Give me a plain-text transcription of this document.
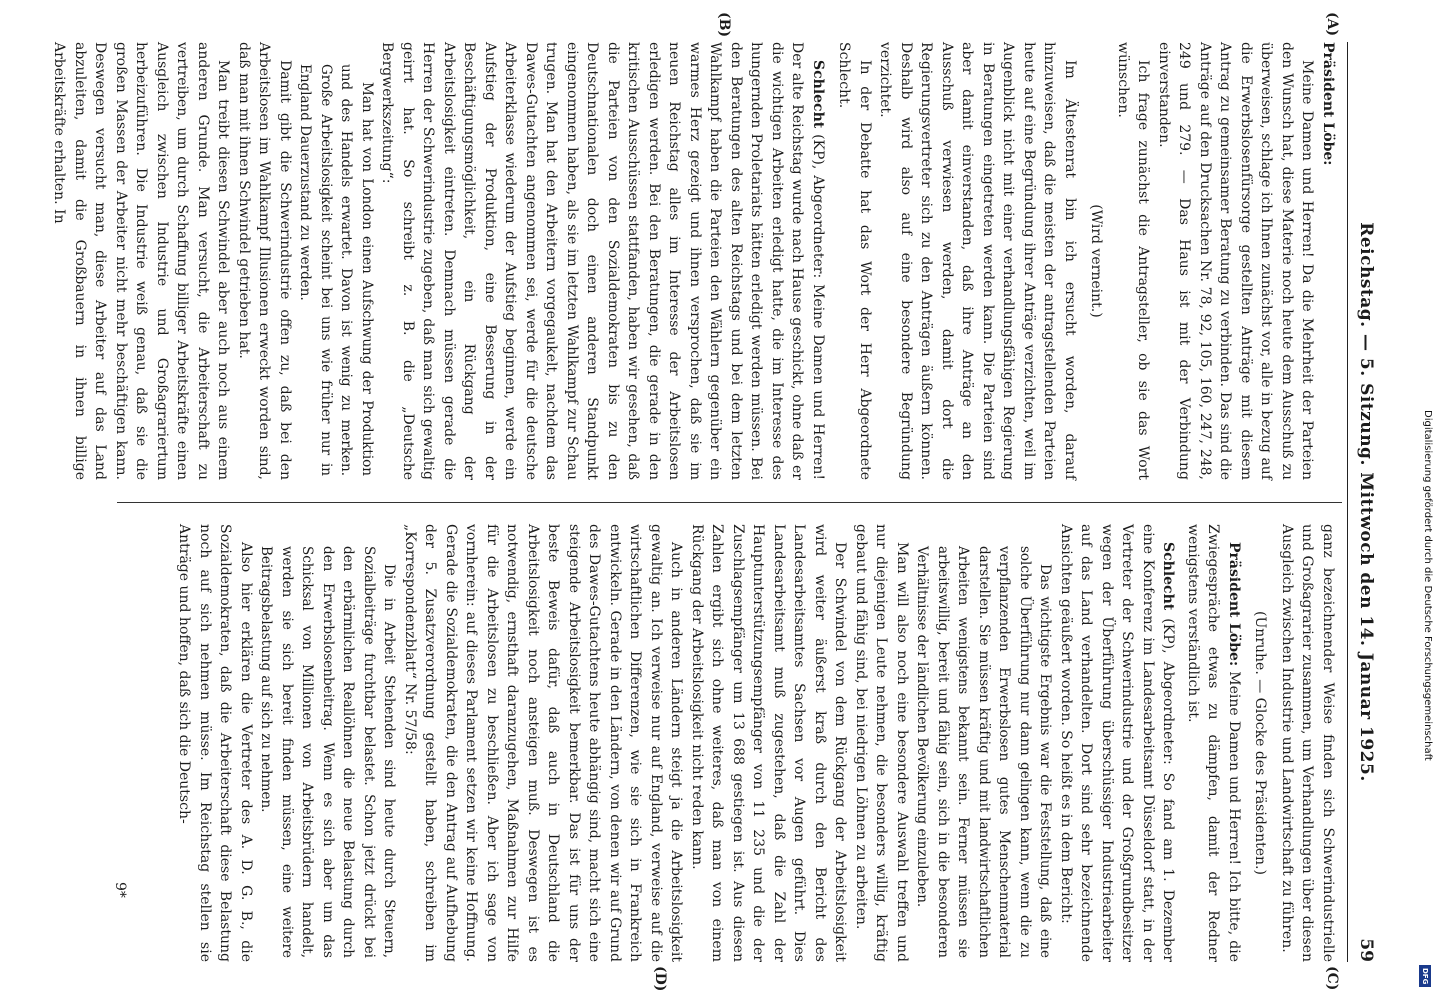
Reichstag. — 5. Sitzung. Mittwoch den 14. Januar 1925.
59
(A)
(B)
(C)
(D)

Präsident Löbe:

Meine Damen und Herren! Da die Mehrheit der Parteien den Wunsch hat, diese Materie noch heute dem Ausschuß zu überweisen, schlage ich Ihnen zunächst vor, alle in bezug auf die Erwerbslosenfürsorge gestellten Anträge mit diesem Antrag zu gemeinsamer Beratung zu verbinden. Das sind die Anträge auf den Drucksachen Nr. 78, 92, 105, 160, 247, 248, 249 und 279. — Das Haus ist mit der Verbindung einverstanden.

Ich frage zunächst die Antragsteller, ob sie das Wort wünschen.

(Wird verneint.)

Im Ältestenrat bin ich ersucht worden, darauf hinzuweisen, daß die meisten der antragstellenden Parteien heute auf eine Begründung ihrer Anträge verzichten, weil im Augenblick nicht mit einer verhandlungsfähigen Regierung in Beratungen eingetreten werden kann. Die Parteien sind aber damit einverstanden, daß ihre Anträge an den Ausschuß verwiesen werden, damit dort die Regierungsvertreter sich zu den Anträgen äußern können. Deshalb wird also auf eine besondere Begründung verzichtet.

In der Debatte hat das Wort der Herr Abgeordnete Schlecht.

Schlecht (KP), Abgeordneter: Meine Damen und Herren! Der alte Reichstag wurde nach Hause geschickt, ohne daß er die wichtigen Arbeiten erledigt hatte, die im Interesse des hungernden Proletariats hätten erledigt werden müssen. Bei den Beratungen des alten Reichstags und bei dem letzten Wahlkampf haben die Parteien den Wählern gegenüber ein warmes Herz gezeigt und ihnen versprochen, daß sie im neuen Reichstag alles im Interesse der Arbeitslosen erledigen werden. Bei den Beratungen, die gerade in den kritischen Ausschüssen stattfanden, haben wir gesehen, daß die Parteien von den Sozialdemokraten bis zu den Deutschnationalen doch einen anderen Standpunkt eingenommen haben, als sie im letzten Wahlkampf zur Schau trugen. Man hat den Arbeitern vorgegaukelt, nachdem das Dawes-Gutachten angenommen sei, werde für die deutsche Arbeiterklasse wiederum der Aufstieg beginnen, werde ein Aufstieg der Produktion, eine Besserung in der Beschäftigungsmöglichkeit, ein Rückgang der Arbeitslosigkeit eintreten. Demnach müssen gerade die Herren der Schwerindustrie zugeben, daß man sich gewaltig geirrt hat. So schreibt z. B. die „Deutsche Bergwerkszeitung“:

Man hat von London einen Aufschwung der Produktion und des Handels erwartet. Davon ist wenig zu merken. Große Arbeitslosigkeit scheint bei uns wie früher nur in England Dauerzustand zu werden.

Damit gibt die Schwerindustrie offen zu, daß bei den Arbeitslosen im Wahlkampf Illusionen erweckt worden sind, daß man mit ihnen Schwindel getrieben hat.

Man treibt diesen Schwindel aber auch noch aus einem anderen Grunde. Man versucht, die Arbeiterschaft zu vertreiben, um durch Schaffung billiger Arbeitskräfte einen Ausgleich zwischen Industrie und Großagrariertum herbeizuführen. Die Industrie weiß genau, daß sie die großen Massen der Arbeiter nicht mehr beschäftigen kann. Deswegen versucht man, diese Arbeiter auf das Land abzuleiten, damit die Großbauern in ihnen billige Arbeitskräfte erhalten. In

ganz bezeichnender Weise finden sich Schwerindustrielle und Großagrarier zusammen, um Verhandlungen über diesen Ausgleich zwischen Industrie und Landwirtschaft zu führen.

(Unruhe. — Glocke des Präsidenten.)

Präsident Löbe: Meine Damen und Herren! Ich bitte, die Zwiegespräche etwas zu dämpfen, damit der Redner wenigstens verständlich ist.

Schlecht (KP), Abgeordneter: So fand am 1. Dezember eine Konferenz im Landesarbeitsamt Düsseldorf statt, in der Vertreter der Schwerindustrie und der Großgrundbesitzer wegen der Überführung überschüssiger Industriearbeiter auf das Land verhandelten. Dort sind sehr bezeichnende Ansichten geäußert worden. So heißt es in dem Bericht:

Das wichtigste Ergebnis war die Feststellung, daß eine solche Überführung nur dann gelingen kann, wenn die zu verpflanzenden Erwerbslosen gutes Menschenmaterial darstellen. Sie müssen kräftig und mit landwirtschaftlichen Arbeiten wenigstens bekannt sein. Ferner müssen sie arbeitswillig, bereit und fähig sein, sich in die besonderen Verhältnisse der ländlichen Bevölkerung einzuleben.

Man will also noch eine besondere Auswahl treffen und nur diejenigen Leute nehmen, die besonders willig, kräftig gebaut und fähig sind, bei niedrigen Löhnen zu arbeiten.

Der Schwindel von dem Rückgang der Arbeitslosigkeit wird weiter äußerst kraß durch den Bericht des Landesarbeitsamtes Sachsen vor Augen geführt. Dies Landesarbeitsamt muß zugestehen, daß die Zahl der Hauptunterstützungsempfänger von 11 235 und die der Zuschlagsempfänger um 13 688 gestiegen ist. Aus diesen Zahlen ergibt sich ohne weiteres, daß man von einem Rückgang der Arbeitslosigkeit nicht reden kann.

Auch in anderen Ländern steigt ja die Arbeitslosigkeit gewaltig an. Ich verweise nur auf England, verweise auf die wirtschaftlichen Differenzen, wie sie sich in Frankreich entwickeln. Gerade in den Ländern, von denen wir auf Grund des Dawes-Gutachtens heute abhängig sind, macht sich eine steigende Arbeitslosigkeit bemerkbar. Das ist für uns der beste Beweis dafür, daß auch in Deutschland die Arbeitslosigkeit noch ansteigen muß. Deswegen ist es notwendig, ernsthaft daranzugehen, Maßnahmen zur Hilfe für die Arbeitslosen zu beschließen. Aber ich sage von vornherein: auf dieses Parlament setzen wir keine Hoffnung. Gerade die Sozialdemokraten, die den Antrag auf Aufhebung der 5. Zusatzverordnung gestellt haben, schreiben im „Korrespondenzblatt“ Nr. 57/58:

Die in Arbeit Stehenden sind heute durch Steuern, Sozialbeiträge furchtbar belastet. Schon jetzt drückt bei den erbärmlichen Reallöhnen die neue Belastung durch den Erwerbslosenbeitrag. Wenn es sich aber um das Schicksal von Millionen von Arbeitsbrüdern handelt, werden sie sich bereit finden müssen, eine weitere Beitragsbelastung auf sich zu nehmen.

Also hier erklären die Vertreter des A. D. G. B., die Sozialdemokraten, daß die Arbeiterschaft diese Belastung noch auf sich nehmen müsse. Im Reichstag stellen sie Anträge und hoffen, daß sich die Deutsch-

9*
Digitalisierung gefördert durch die Deutsche Forschungsgemeinschaft
DFG
